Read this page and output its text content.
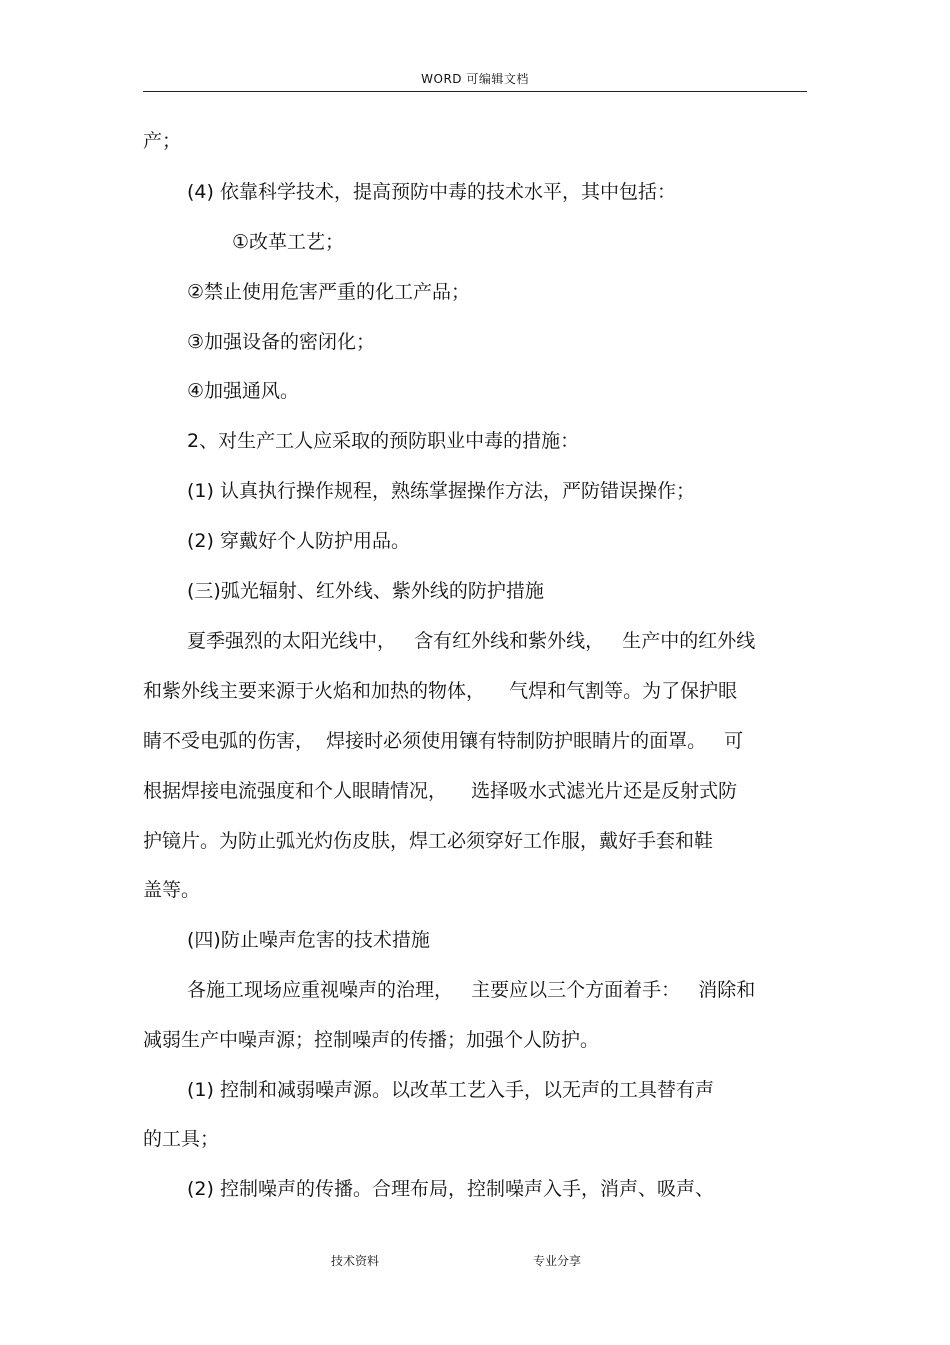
WORD 可编辑文档
产；
(4) 依靠科学技术，提高预防中毒的技术水平，其中包括：
①改革工艺；
②禁止使用危害严重的化工产品；
③加强设备的密闭化；
④加强通风。
2、对生产工人应采取的预防职业中毒的措施：
(1) 认真执行操作规程，熟练掌握操作方法，严防错误操作；
(2) 穿戴好个人防护用品。
(三)弧光辐射、红外线、紫外线的防护措施
夏季强烈的太阳光线中，   含有红外线和紫外线，   生产中的红外线
和紫外线主要来源于火焰和加热的物体，    气焊和气割等。为了保护眼
睛不受电弧的伤害，  焊接时必须使用镶有特制防护眼睛片的面罩。   可
根据焊接电流强度和个人眼睛情况，    选择吸水式滤光片还是反射式防
护镜片。为防止弧光灼伤皮肤，焊工必须穿好工作服，戴好手套和鞋
盖等。
(四)防止噪声危害的技术措施
各施工现场应重视噪声的治理，   主要应以三个方面着手：   消除和
减弱生产中噪声源；控制噪声的传播；加强个人防护。
(1) 控制和减弱噪声源。以改革工艺入手，以无声的工具替有声
的工具；
(2) 控制噪声的传播。合理布局，控制噪声入手，消声、吸声、
技术资料	专业分享
